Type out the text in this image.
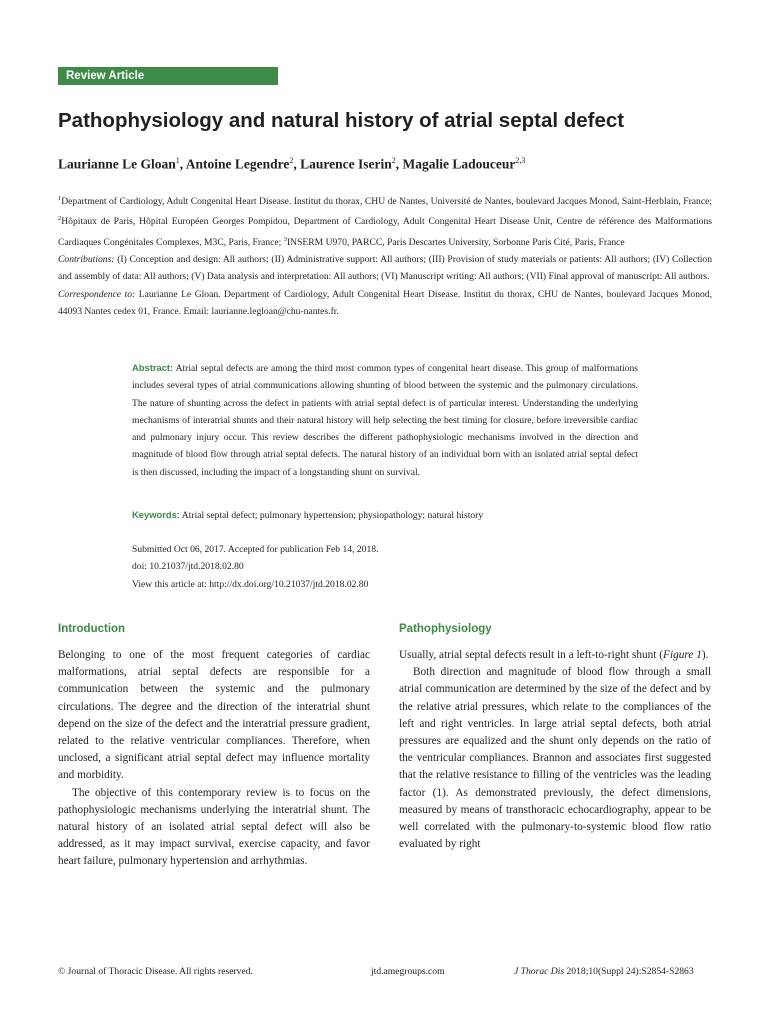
Review Article
Pathophysiology and natural history of atrial septal defect
Laurianne Le Gloan$^1$, Antoine Legendre$^2$, Laurence Iserin$^2$, Magalie Ladouceur$^{2,3}$

$^1$Department of Cardiology, Adult Congenital Heart Disease. Institut du thorax, CHU de Nantes, Université de Nantes, boulevard Jacques Monod, Saint-Herblain, France; $^2$Hôpitaux de Paris, Hôpital Européen Georges Pompidou, Department of Cardiology, Adult Congenital Heart Disease Unit, Centre de référence des Malformations Cardiaques Congénitales Complexes, M3C, Paris, France; $^3$INSERM U970, PARCC, Paris Descartes University, Sorbonne Paris Cité, Paris, France

Contributions: (I) Conception and design: All authors; (II) Administrative support: All authors; (III) Provision of study materials or patients: All authors; (IV) Collection and assembly of data: All authors; (V) Data analysis and interpretation: All authors; (VI) Manuscript writing: All authors; (VII) Final approval of manuscript: All authors.

Correspondence to: Laurianne Le Gloan. Department of Cardiology, Adult Congenital Heart Disease. Institut du thorax, CHU de Nantes, boulevard Jacques Monod, 44093 Nantes cedex 01, France. Email: laurianne.legloan@chu-nantes.fr.

Abstract: Atrial septal defects are among the third most common types of congenital heart disease. This group of malformations includes several types of atrial communications allowing shunting of blood between the systemic and the pulmonary circulations. The nature of shunting across the defect in patients with atrial septal defect is of particular interest. Understanding the underlying mechanisms of interatrial shunts and their natural history will help selecting the best timing for closure, before irreversible cardiac and pulmonary injury occur. This review describes the different pathophysiologic mechanisms involved in the direction and magnitude of blood flow through atrial septal defects. The natural history of an individual born with an isolated atrial septal defect is then discussed, including the impact of a longstanding shunt on survival.
Keywords: Atrial septal defect; pulmonary hypertension; physiopathology; natural history
Submitted Oct 06, 2017. Accepted for publication Feb 14, 2018.
doi: 10.21037/jtd.2018.02.80
View this article at: http://dx.doi.org/10.21037/jtd.2018.02.80
Introduction

Belonging to one of the most frequent categories of cardiac malformations, atrial septal defects are responsible for a communication between the systemic and the pulmonary circulations. The degree and the direction of the interatrial shunt depend on the size of the defect and the interatrial pressure gradient, related to the relative ventricular compliances. Therefore, when unclosed, a significant atrial septal defect may influence mortality and morbidity.

The objective of this contemporary review is to focus on the pathophysiologic mechanisms underlying the interatrial shunt. The natural history of an isolated atrial septal defect will also be addressed, as it may impact survival, exercise capacity, and favor heart failure, pulmonary hypertension and arrhythmias.

Pathophysiology

Usually, atrial septal defects result in a left-to-right shunt (Figure 1).

Both direction and magnitude of blood flow through a small atrial communication are determined by the size of the defect and by the relative atrial pressures, which relate to the compliances of the left and right ventricles. In large atrial septal defects, both atrial pressures are equalized and the shunt only depends on the ratio of the ventricular compliances. Brannon and associates first suggested that the relative resistance to filling of the ventricles was the leading factor (1). As demonstrated previously, the defect dimensions, measured by means of transthoracic echocardiography, appear to be well correlated with the pulmonary-to-systemic blood flow ratio evaluated by right

© Journal of Thoracic Disease. All rights reserved.	jtd.amegroups.com	J Thorac Dis 2018;10(Suppl 24):S2854-S2863
